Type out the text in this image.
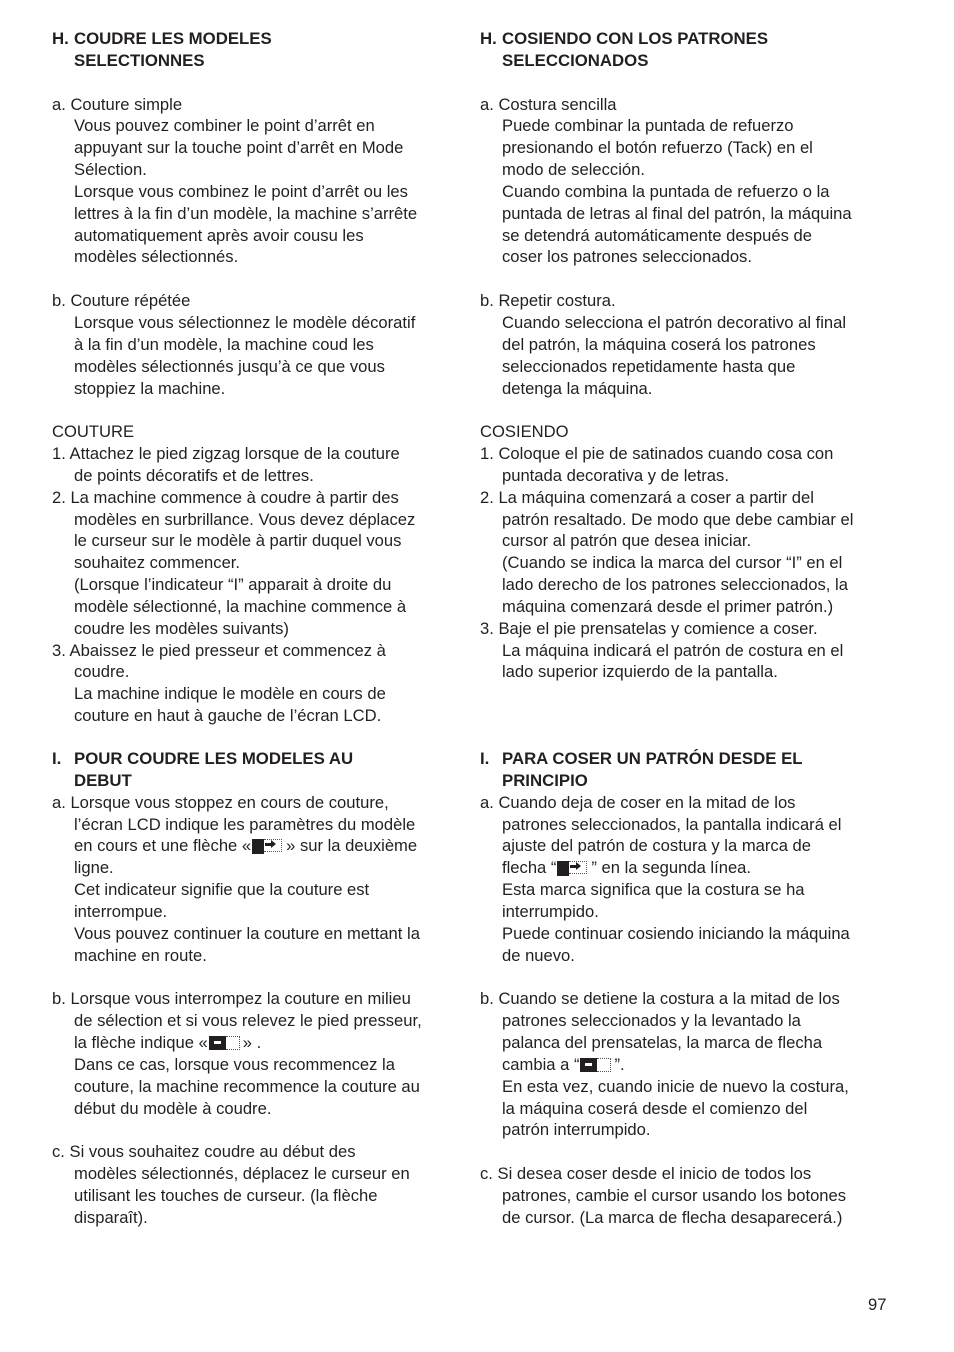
H. COUDRE LES MODELES
SELECTIONNES
a. Couture simple
Vous pouvez combiner le point d’arrêt en
appuyant sur la touche point d’arrêt en Mode
Sélection.
Lorsque vous combinez le point d’arrêt ou les
lettres à la fin d’un modèle, la machine s’arrête
automatiquement après avoir cousu les
modèles sélectionnés.
b. Couture répétée
Lorsque vous sélectionnez le modèle décoratif
à la fin d’un modèle, la machine coud les
modèles sélectionnés jusqu’à ce que vous
stoppiez la machine.
COUTURE
1. Attachez le pied zigzag lorsque de la couture
de points décoratifs et de lettres.
2. La machine commence à coudre à partir des
modèles en surbrillance. Vous devez déplacez
le curseur sur le modèle à partir duquel vous
souhaitez commencer.
(Lorsque l’indicateur “I” apparait à droite du
modèle sélectionné, la machine commence à
coudre les modèles suivants)
3. Abaissez le pied presseur et commencez à
coudre.
La machine indique le modèle en cours de
couture en haut à gauche de l’écran LCD.
I. POUR COUDRE LES MODELES AU
DEBUT
a. Lorsque vous stoppez en cours de couture,
l’écran LCD indique les paramètres du modèle
en cours et une flèche « » sur la deuxième
ligne.
Cet indicateur signifie que la couture est
interrompue.
Vous pouvez continuer la couture en mettant la
machine en route.
b. Lorsque vous interrompez la couture en milieu
de sélection et si vous relevez le pied presseur,
la flèche indique « » .
Dans ce cas, lorsque vous recommencez la
couture, la machine recommence la couture au
début du modèle à coudre.
c. Si vous souhaitez coudre au début des
modèles sélectionnés, déplacez le curseur en
utilisant les touches de curseur. (la flèche
disparaît).
H. COSIENDO CON LOS PATRONES
SELECCIONADOS
a. Costura sencilla
Puede combinar la puntada de refuerzo
presionando el botón refuerzo (Tack) en el
modo de selección.
Cuando combina la puntada de refuerzo o la
puntada de letras al final del patrón, la máquina
se detendrá automáticamente después de
coser los patrones seleccionados.
b. Repetir costura.
Cuando selecciona el patrón decorativo al final
del patrón, la máquina coserá los patrones
seleccionados repetidamente hasta que
detenga la máquina.
COSIENDO
1. Coloque el pie de satinados cuando cosa con
puntada decorativa y de letras.
2. La máquina comenzará a coser a partir del
patrón resaltado. De modo que debe cambiar el
cursor al patrón que desea iniciar.
(Cuando se indica la marca del cursor “I” en el
lado derecho de los patrones seleccionados, la
máquina comenzará desde el primer patrón.)
3. Baje el pie prensatelas y comience a coser.
La máquina indicará el patrón de costura en el
lado superior izquierdo de la pantalla.
I. PARA COSER UN PATRÓN DESDE EL
PRINCIPIO
a. Cuando deja de coser en la mitad de los
patrones seleccionados, la pantalla indicará el
ajuste del patrón de costura y la marca de
flecha “ ” en la segunda línea.
Esta marca significa que la costura se ha
interrumpido.
Puede continuar cosiendo iniciando la máquina
de nuevo.
b. Cuando se detiene la costura a la mitad de los
patrones seleccionados y la levantado la
palanca del prensatelas, la marca de flecha
cambia a “ ”.
En esta vez, cuando inicie de nuevo la costura,
la máquina coserá desde el comienzo del
patrón interrumpido.
c. Si desea coser desde el inicio de todos los
patrones, cambie el cursor usando los botones
de cursor. (La marca de flecha desaparecerá.)
97
